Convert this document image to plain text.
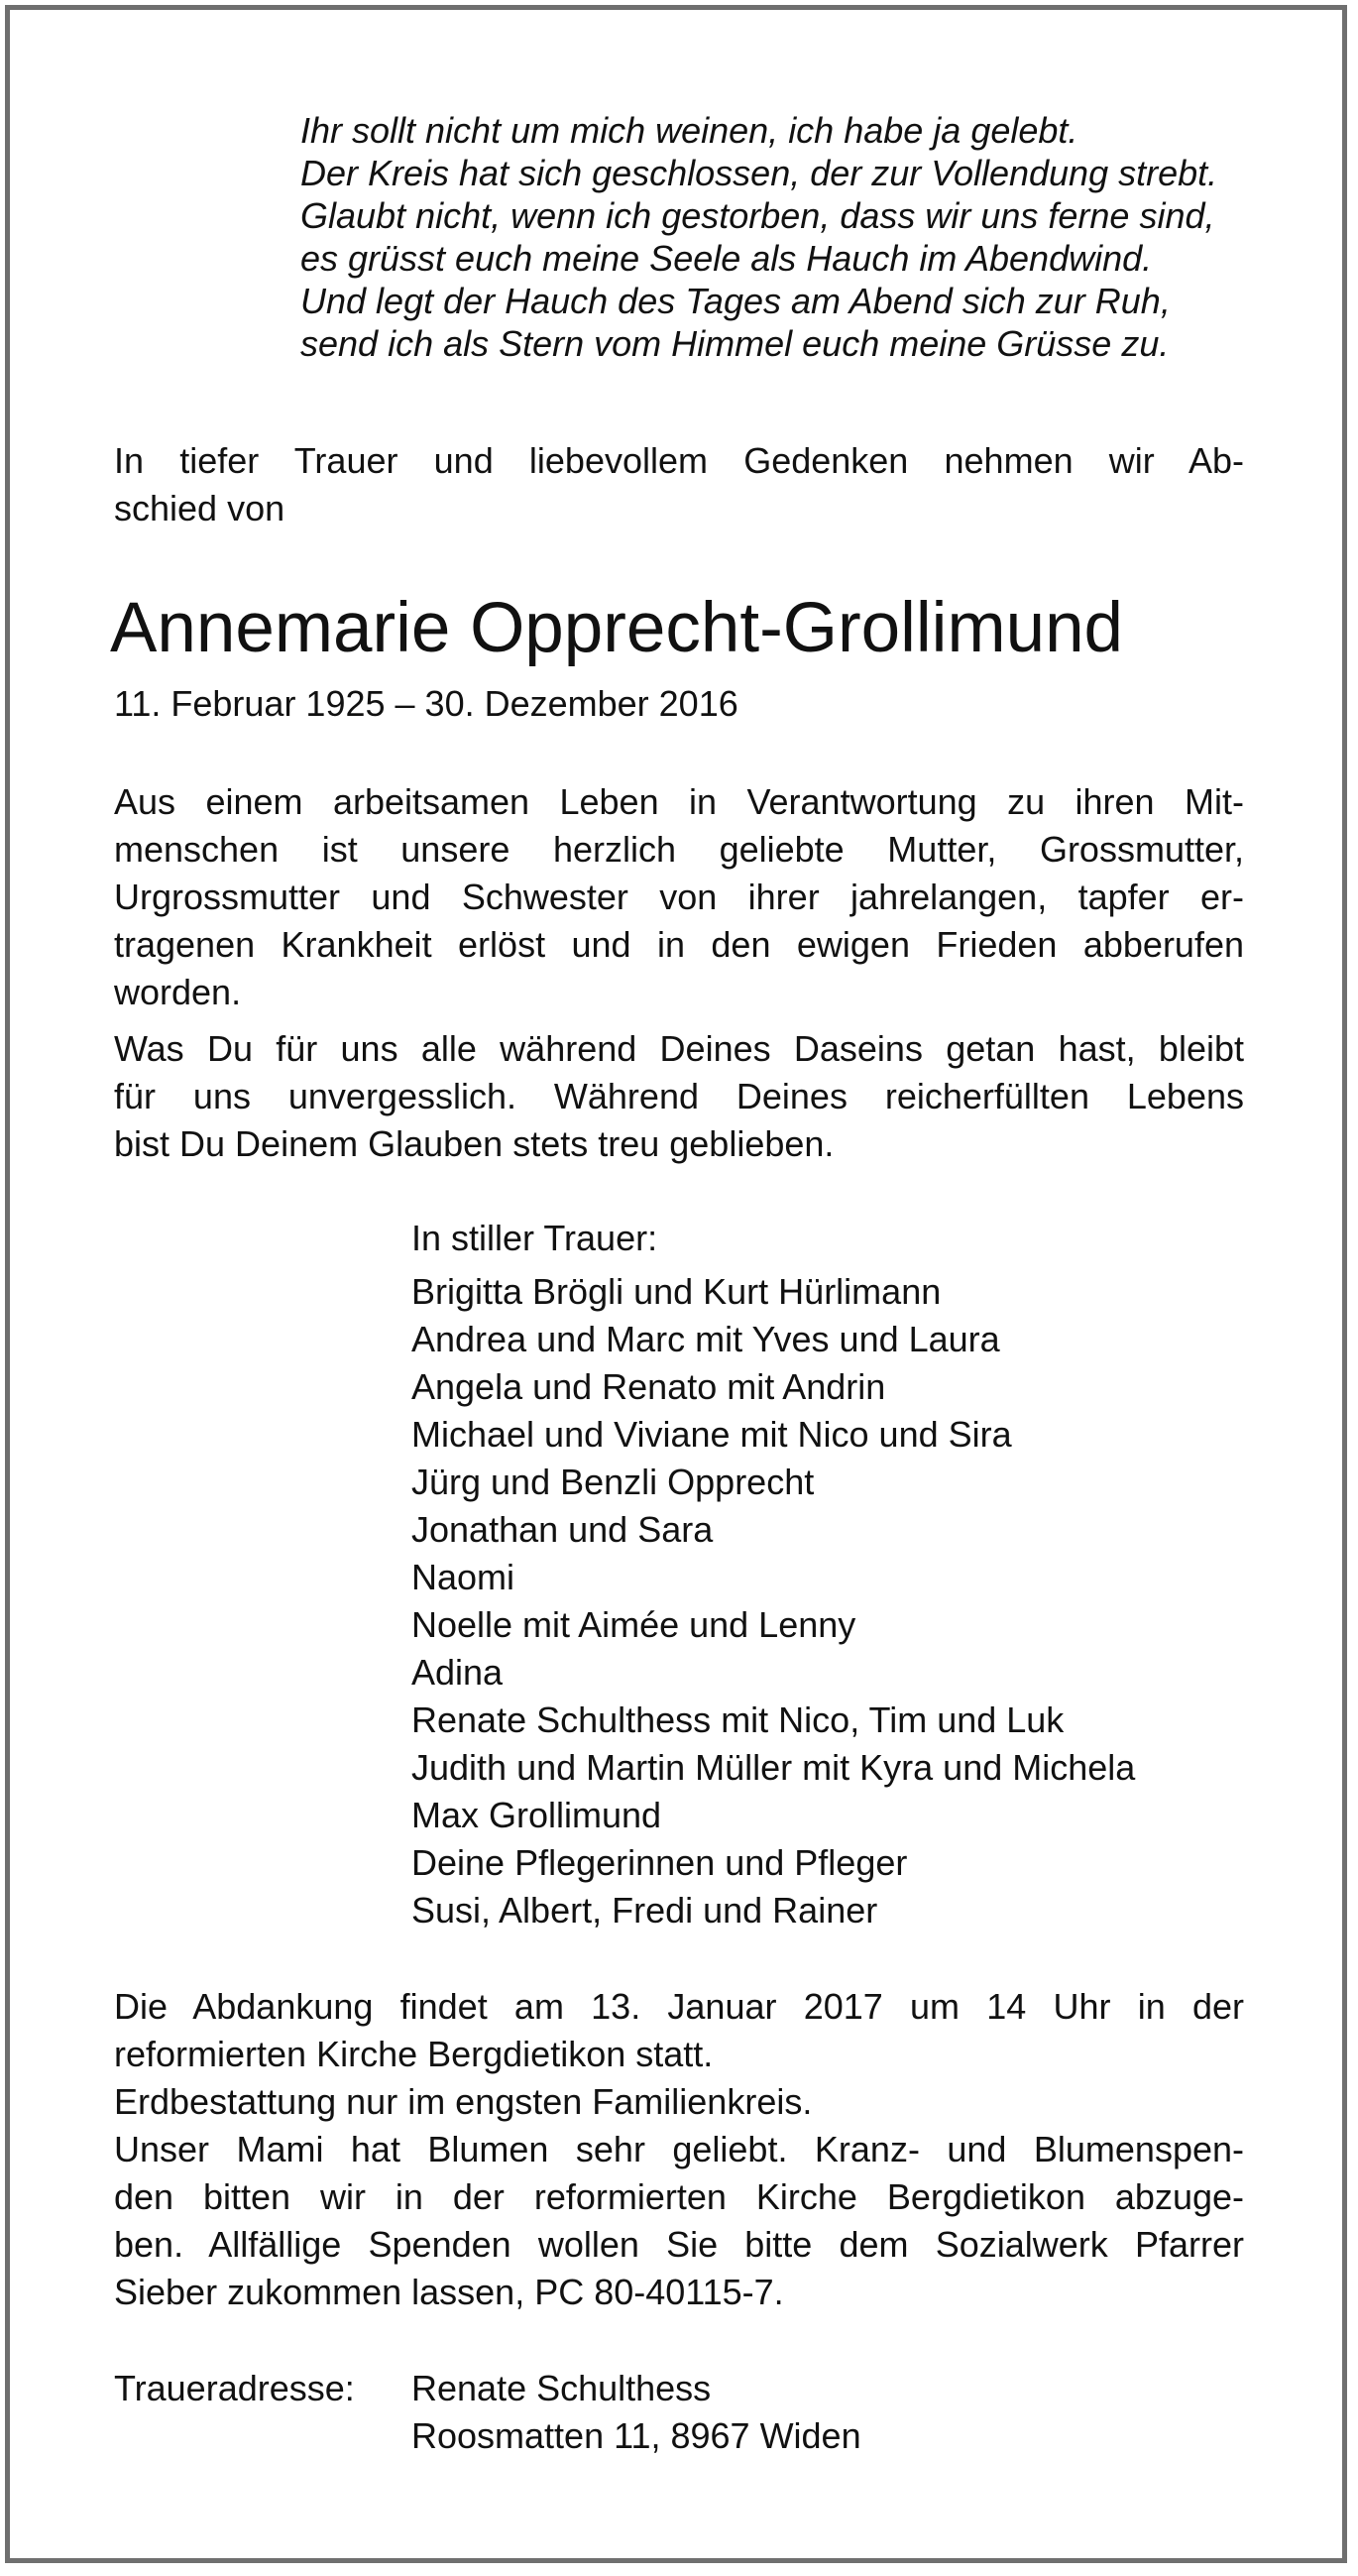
Ihr sollt nicht um mich weinen, ich habe ja gelebt.
Der Kreis hat sich geschlossen, der zur Vollendung strebt.
Glaubt nicht, wenn ich gestorben, dass wir uns ferne sind,
es grüsst euch meine Seele als Hauch im Abendwind.
Und legt der Hauch des Tages am Abend sich zur Ruh,
send ich als Stern vom Himmel euch meine Grüsse zu.
In tiefer Trauer und liebevollem Gedenken nehmen wir Ab-
schied von
Annemarie Opprecht-Grollimund
11. Februar 1925 – 30. Dezember 2016
Aus einem arbeitsamen Leben in Verantwortung zu ihren Mit-
menschen ist unsere herzlich geliebte Mutter, Grossmutter,
Urgrossmutter und Schwester von ihrer jahrelangen, tapfer er-
tragenen Krankheit erlöst und in den ewigen Frieden abberufen
worden.
Was Du für uns alle während Deines Daseins getan hast, bleibt
für uns unvergesslich. Während Deines reicherfüllten Lebens
bist Du Deinem Glauben stets treu geblieben.
In stiller Trauer:
Brigitta Brögli und Kurt Hürlimann
Andrea und Marc mit Yves und Laura
Angela und Renato mit Andrin
Michael und Viviane mit Nico und Sira
Jürg und Benzli Opprecht
Jonathan und Sara
Naomi
Noelle mit Aimée und Lenny
Adina
Renate Schulthess mit Nico, Tim und Luk
Judith und Martin Müller mit Kyra und Michela
Max Grollimund
Deine Pflegerinnen und Pfleger
Susi, Albert, Fredi und Rainer
Die Abdankung findet am 13. Januar 2017 um 14 Uhr in der
reformierten Kirche Bergdietikon statt.
Erdbestattung nur im engsten Familienkreis.
Unser Mami hat Blumen sehr geliebt. Kranz- und Blumenspen-
den bitten wir in der reformierten Kirche Bergdietikon abzuge-
ben. Allfällige Spenden wollen Sie bitte dem Sozialwerk Pfarrer
Sieber zukommen lassen, PC 80-40115-7.
Traueradresse: Renate Schulthess
Roosmatten 11, 8967 Widen
